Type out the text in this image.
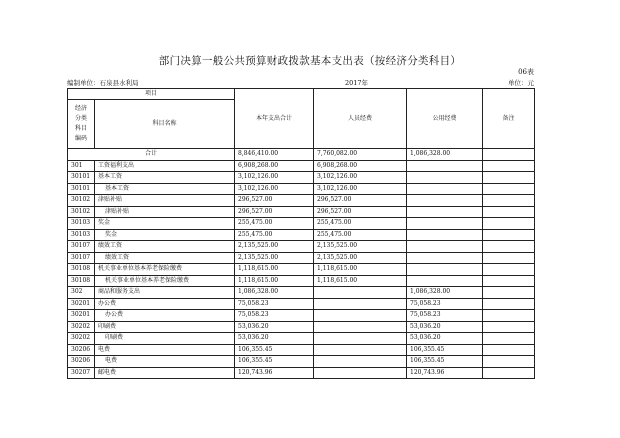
部门决算一般公共预算财政拨款基本支出表（按经济分类科目）
06表
编制单位：石泉县水利局	2017年	单位：元
项目		本年支出合计	人员经费	公用经费	备注
经济
分类
科目
编码	科目名称				
合计		8,846,410.00	7,760,082.00	1,086,328.00	
301	工资福利支出	6,908,268.00	6,908,268.00		
30101	基本工资	3,102,126.00	3,102,126.00		
30101	基本工资	3,102,126.00	3,102,126.00		
30102	津贴补贴	296,527.00	296,527.00		
30102	津贴补贴	296,527.00	296,527.00		
30103	奖金	255,475.00	255,475.00		
30103	奖金	255,475.00	255,475.00		
30107	绩效工资	2,135,525.00	2,135,525.00		
30107	绩效工资	2,135,525.00	2,135,525.00		
30108	机关事业单位基本养老保险缴费	1,118,615.00	1,118,615.00		
30108	机关事业单位基本养老保险缴费	1,118,615.00	1,118,615.00		
302	商品和服务支出	1,086,328.00		1,086,328.00	
30201	办公费	75,058.23		75,058.23	
30201	办公费	75,058.23		75,058.23	
30202	印刷费	53,036.20		53,036.20	
30202	印刷费	53,036.20		53,036.20	
30206	电费	106,355.45		106,355.45	
30206	电费	106,355.45		106,355.45	
30207	邮电费	120,743.96		120,743.96	
